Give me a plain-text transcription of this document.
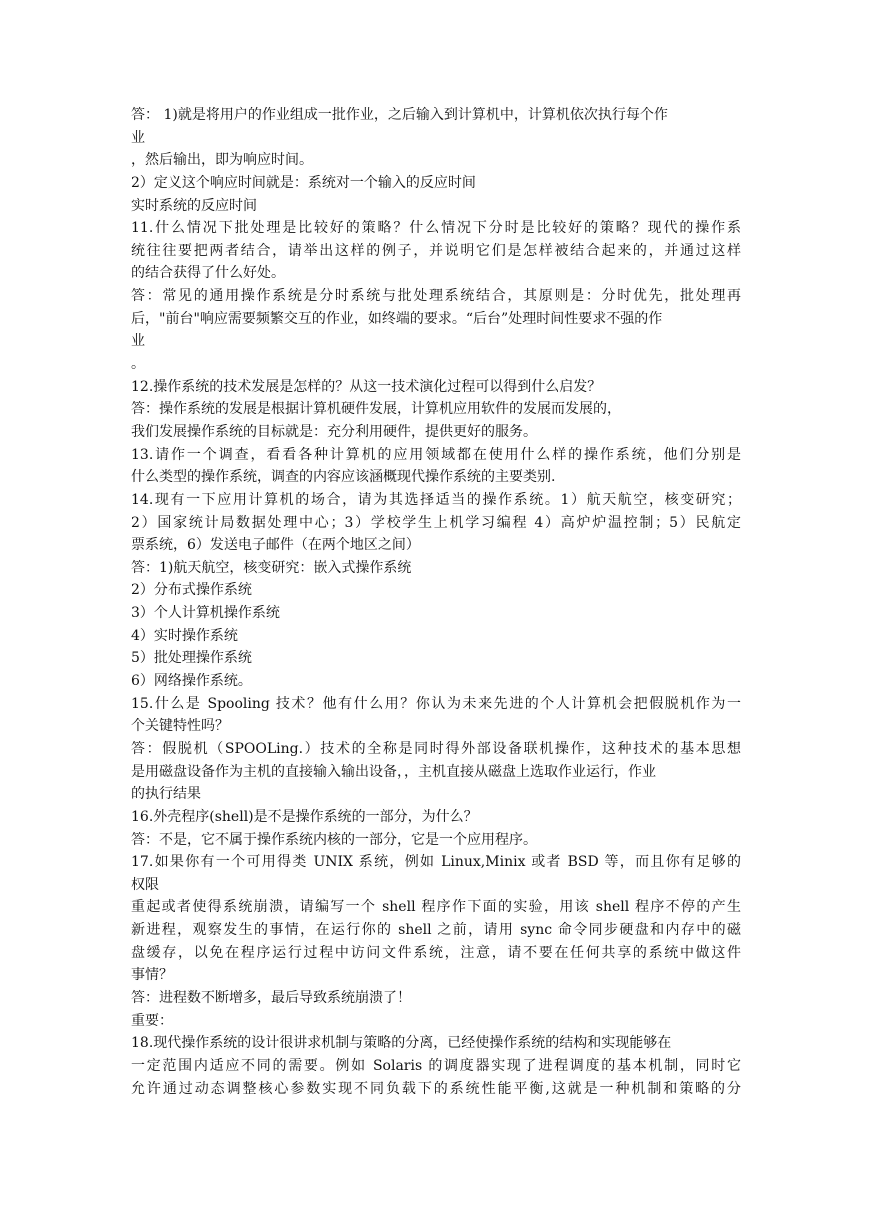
答： 1)就是将用户的作业组成一批作业，之后输入到计算机中，计算机依次执行每个作
业
，然后输出，即为响应时间。
2）定义这个响应时间就是：系统对一个输入的反应时间
实时系统的反应时间
11.什么情况下批处理是比较好的策略？什么情况下分时是比较好的策略？现代的操作系
统往往要把两者结合，请举出这样的例子，并说明它们是怎样被结合起来的，并通过这样
的结合获得了什么好处。
答：常见的通用操作系统是分时系统与批处理系统结合，其原则是：分时优先，批处理再
后，"前台"响应需要频繁交互的作业，如终端的要求。“后台”处理时间性要求不强的作
业
。
12.操作系统的技术发展是怎样的？从这一技术演化过程可以得到什么启发？
答：操作系统的发展是根据计算机硬件发展，计算机应用软件的发展而发展的，
我们发展操作系统的目标就是：充分利用硬件，提供更好的服务。
13.请作一个调查，看看各种计算机的应用领域都在使用什么样的操作系统，他们分别是
什么类型的操作系统，调查的内容应该涵概现代操作系统的主要类别.
14.现有一下应用计算机的场合，请为其选择适当的操作系统。1）航天航空，核变研究；
2）国家统计局数据处理中心；3）学校学生上机学习编程 4）高炉炉温控制；5）民航定
票系统，6）发送电子邮件（在两个地区之间）
答：1)航天航空，核变研究：嵌入式操作系统
2）分布式操作系统
3）个人计算机操作系统
4）实时操作系统
5）批处理操作系统
6）网络操作系统。
15.什么是 Spooling 技术？他有什么用？你认为未来先进的个人计算机会把假脱机作为一
个关键特性吗？
答：假脱机（SPOOLing.）技术的全称是同时得外部设备联机操作，这种技术的基本思想
是用磁盘设备作为主机的直接输入输出设备，，主机直接从磁盘上选取作业运行，作业
的执行结果
16.外壳程序(shell)是不是操作系统的一部分，为什么？
答：不是，它不属于操作系统内核的一部分，它是一个应用程序。
17.如果你有一个可用得类 UNIX 系统，例如 Linux,Minix 或者 BSD 等，而且你有足够的
权限
重起或者使得系统崩溃，请编写一个 shell 程序作下面的实验，用该 shell 程序不停的产生
新进程，观察发生的事情，在运行你的 shell 之前，请用 sync 命令同步硬盘和内存中的磁
盘缓存，以免在程序运行过程中访问文件系统，注意，请不要在任何共享的系统中做这件
事情？
答：进程数不断增多，最后导致系统崩溃了！
重要：
18.现代操作系统的设计很讲求机制与策略的分离，已经使操作系统的结构和实现能够在
一定范围内适应不同的需要。例如 Solaris 的调度器实现了进程调度的基本机制，同时它
允许通过动态调整核心参数实现不同负载下的系统性能平衡,这就是一种机制和策略的分
